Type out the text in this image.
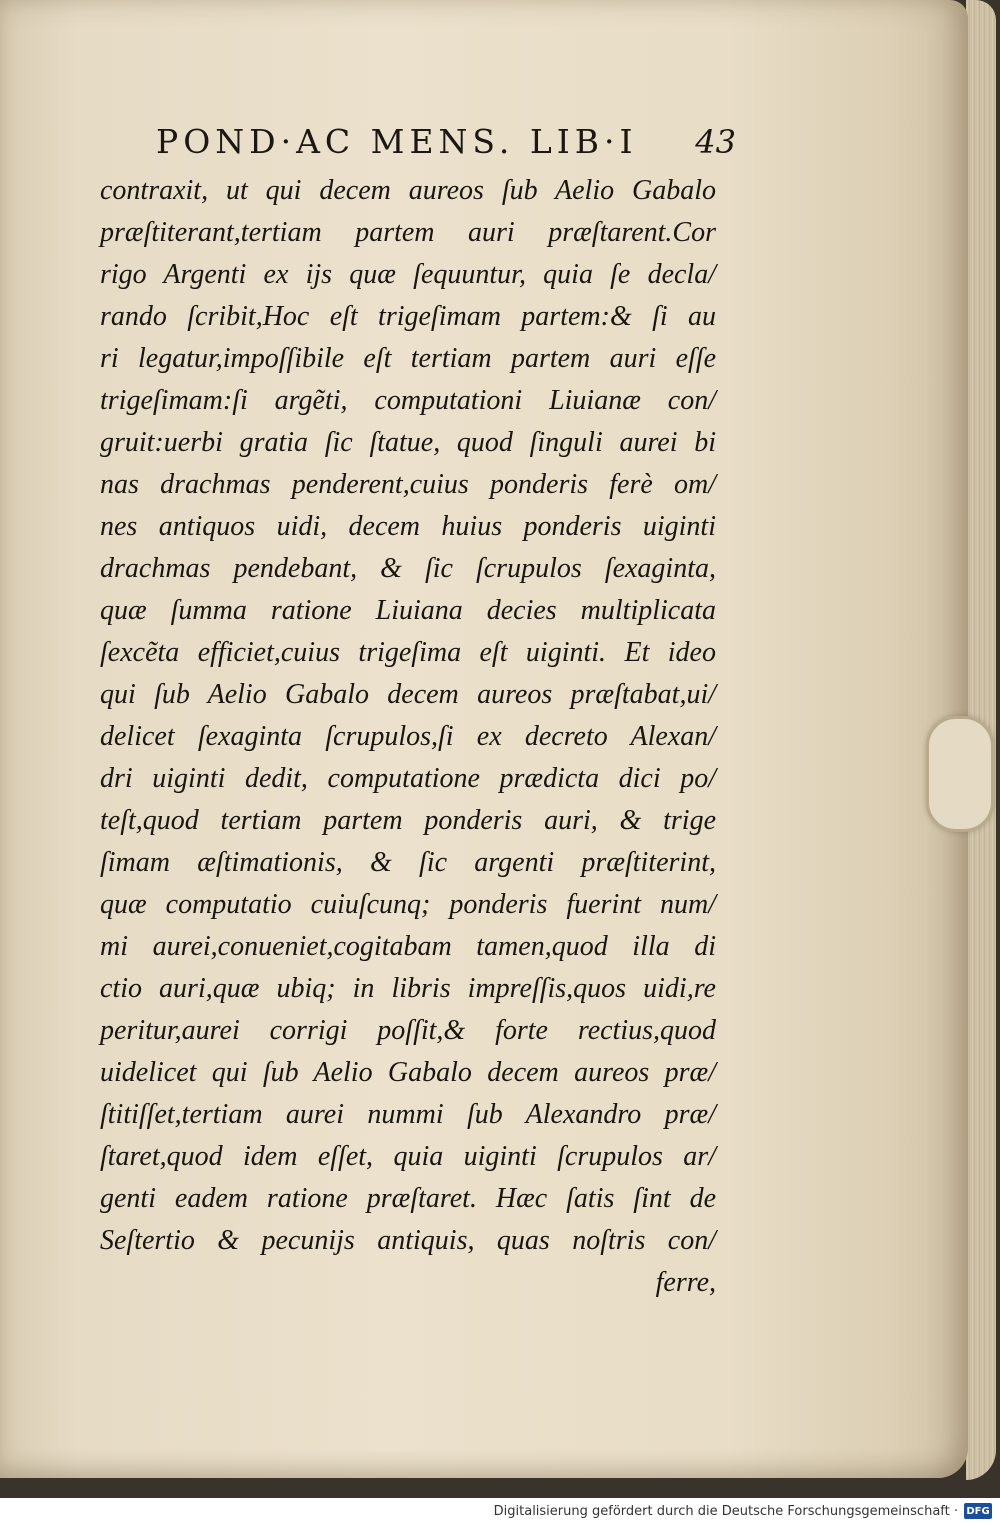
POND·AC MENS. LIB·I 43
contraxit, ut qui decem aureos ſub Aelio Gabalo
præſtiterant,tertiam partem auri præſtarent.Cor
rigo Argenti ex ijs quæ ſequuntur, quia ſe decla/
rando ſcribit,Hoc eſt trigeſimam partem:& ſi au
ri legatur,impoſſibile eſt tertiam partem auri eſſe
trigeſimam:ſi argẽti, computationi Liuianæ con/
gruit:uerbi gratia ſic ſtatue, quod ſinguli aurei bi
nas drachmas penderent,cuius ponderis ferè om/
nes antiquos uidi, decem huius ponderis uiginti
drachmas pendebant, & ſic ſcrupulos ſexaginta,
quæ ſumma ratione Liuiana decies multiplicata
ſexcẽta efficiet,cuius trigeſima eſt uiginti. Et ideo
qui ſub Aelio Gabalo decem aureos præſtabat,ui/
delicet ſexaginta ſcrupulos,ſi ex decreto Alexan/
dri uiginti dedit, computatione prædicta dici po/
teſt,quod tertiam partem ponderis auri, & trige
ſimam æſtimationis, & ſic argenti præſtiterint,
quæ computatio cuiuſcunq; ponderis fuerint num/
mi aurei,conueniet,cogitabam tamen,quod illa di
ctio auri,quæ ubiq; in libris impreſſis,quos uidi,re
peritur,aurei corrigi poſſit,& forte rectius,quod
uidelicet qui ſub Aelio Gabalo decem aureos præ/
ſtitiſſet,tertiam aurei nummi ſub Alexandro præ/
ſtaret,quod idem eſſet, quia uiginti ſcrupulos ar/
genti eadem ratione præſtaret. Hæc ſatis ſint de
Seſtertio & pecunijs antiquis, quas noſtris con/
ferre,
Digitalisierung gefördert durch die Deutsche Forschungsgemeinschaft · DFG
